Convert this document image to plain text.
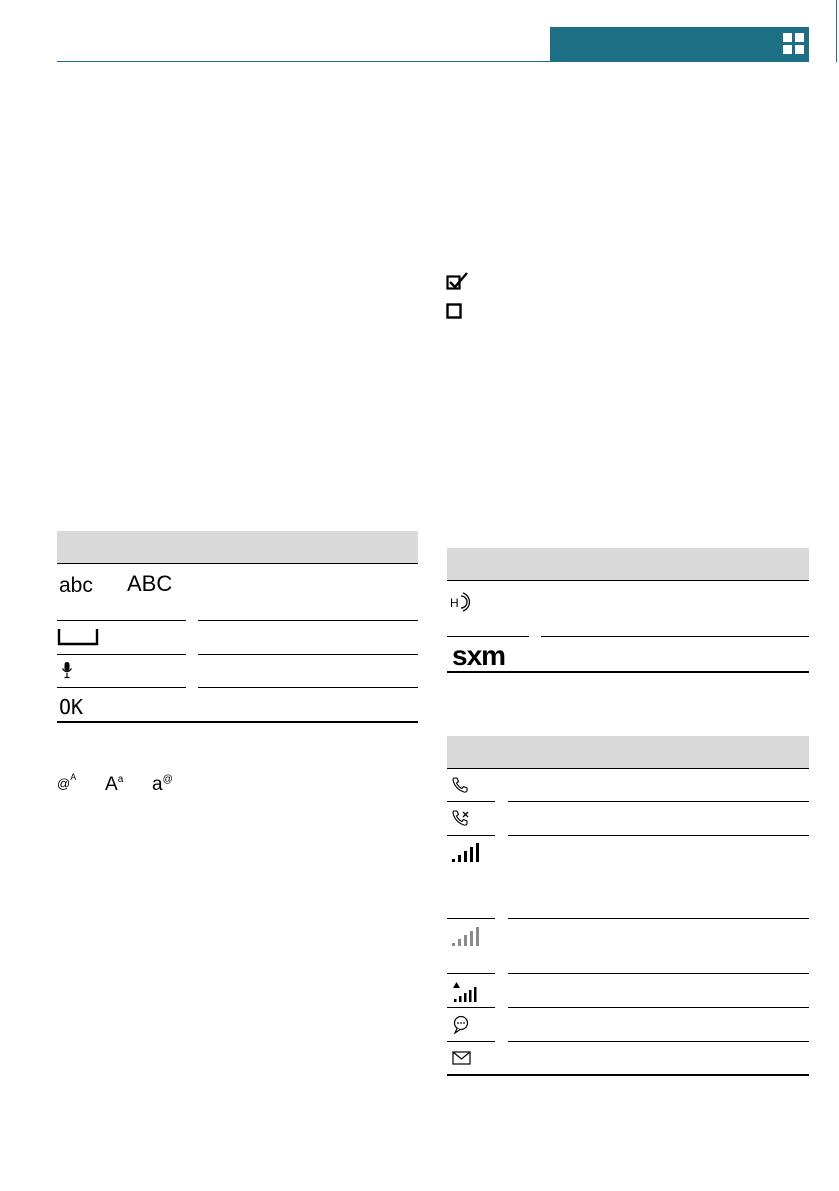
abc ABC
OK
@$^A$ $A^a$ a@
H
sxm
